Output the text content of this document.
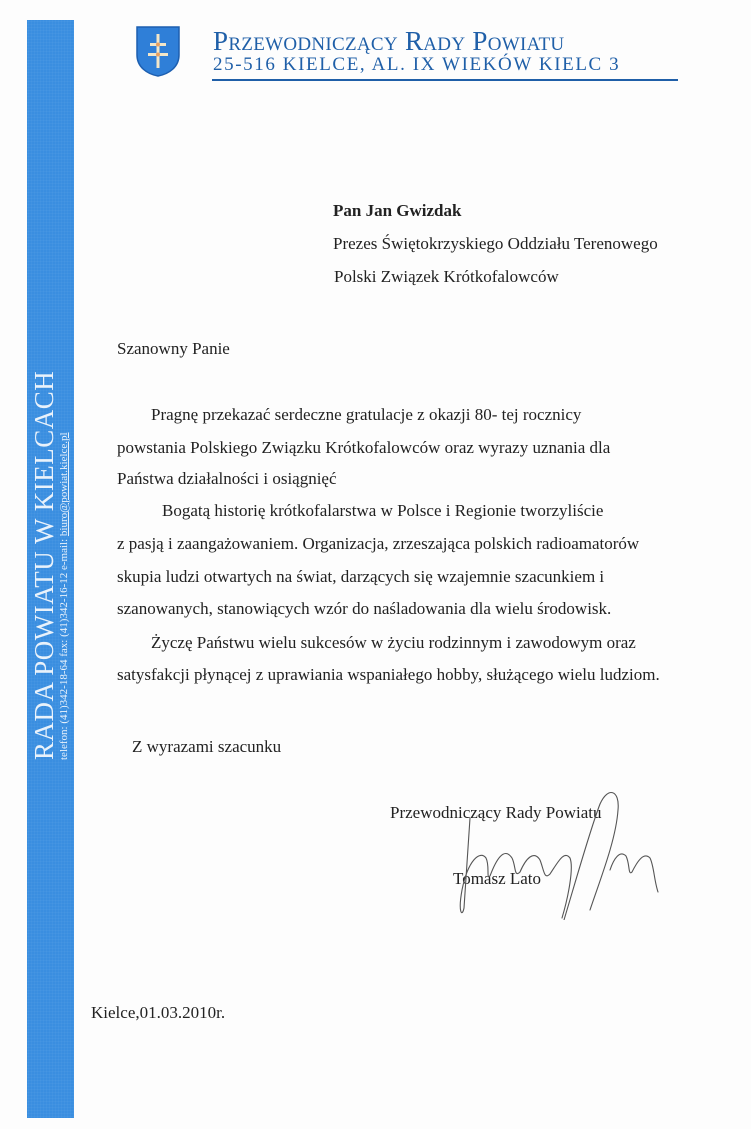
RADA POWIATU W KIELCACH telefon: (41)342-18-64 fax: (41)342-16-12 e-mail: biuro@powiat.kielce.pl
Przewodniczący Rady Powiatu
25-516 KIELCE, AL. IX WIEKÓW KIELC 3
Pan Jan Gwizdak
Prezes Świętokrzyskiego Oddziału Terenowego
Polski Związek Krótkofalowców
Szanowny Panie
Pragnę przekazać serdeczne gratulacje z okazji 80- tej rocznicy
powstania Polskiego Związku Krótkofalowców oraz wyrazy uznania dla
Państwa działalności i osiągnięć
Bogatą historię krótkofalarstwa w Polsce i Regionie tworzyliście
z pasją i zaangażowaniem. Organizacja, zrzeszająca polskich radioamatorów
skupia ludzi otwartych na świat, darzących się wzajemnie szacunkiem i
szanowanych, stanowiących wzór do naśladowania dla wielu środowisk.
Życzę Państwu wielu sukcesów w życiu rodzinnym i zawodowym oraz
satysfakcji płynącej z uprawiania wspaniałego hobby, służącego wielu ludziom.
Z wyrazami szacunku
Przewodniczący Rady Powiatu
Tomasz Lato
Kielce,01.03.2010r.
